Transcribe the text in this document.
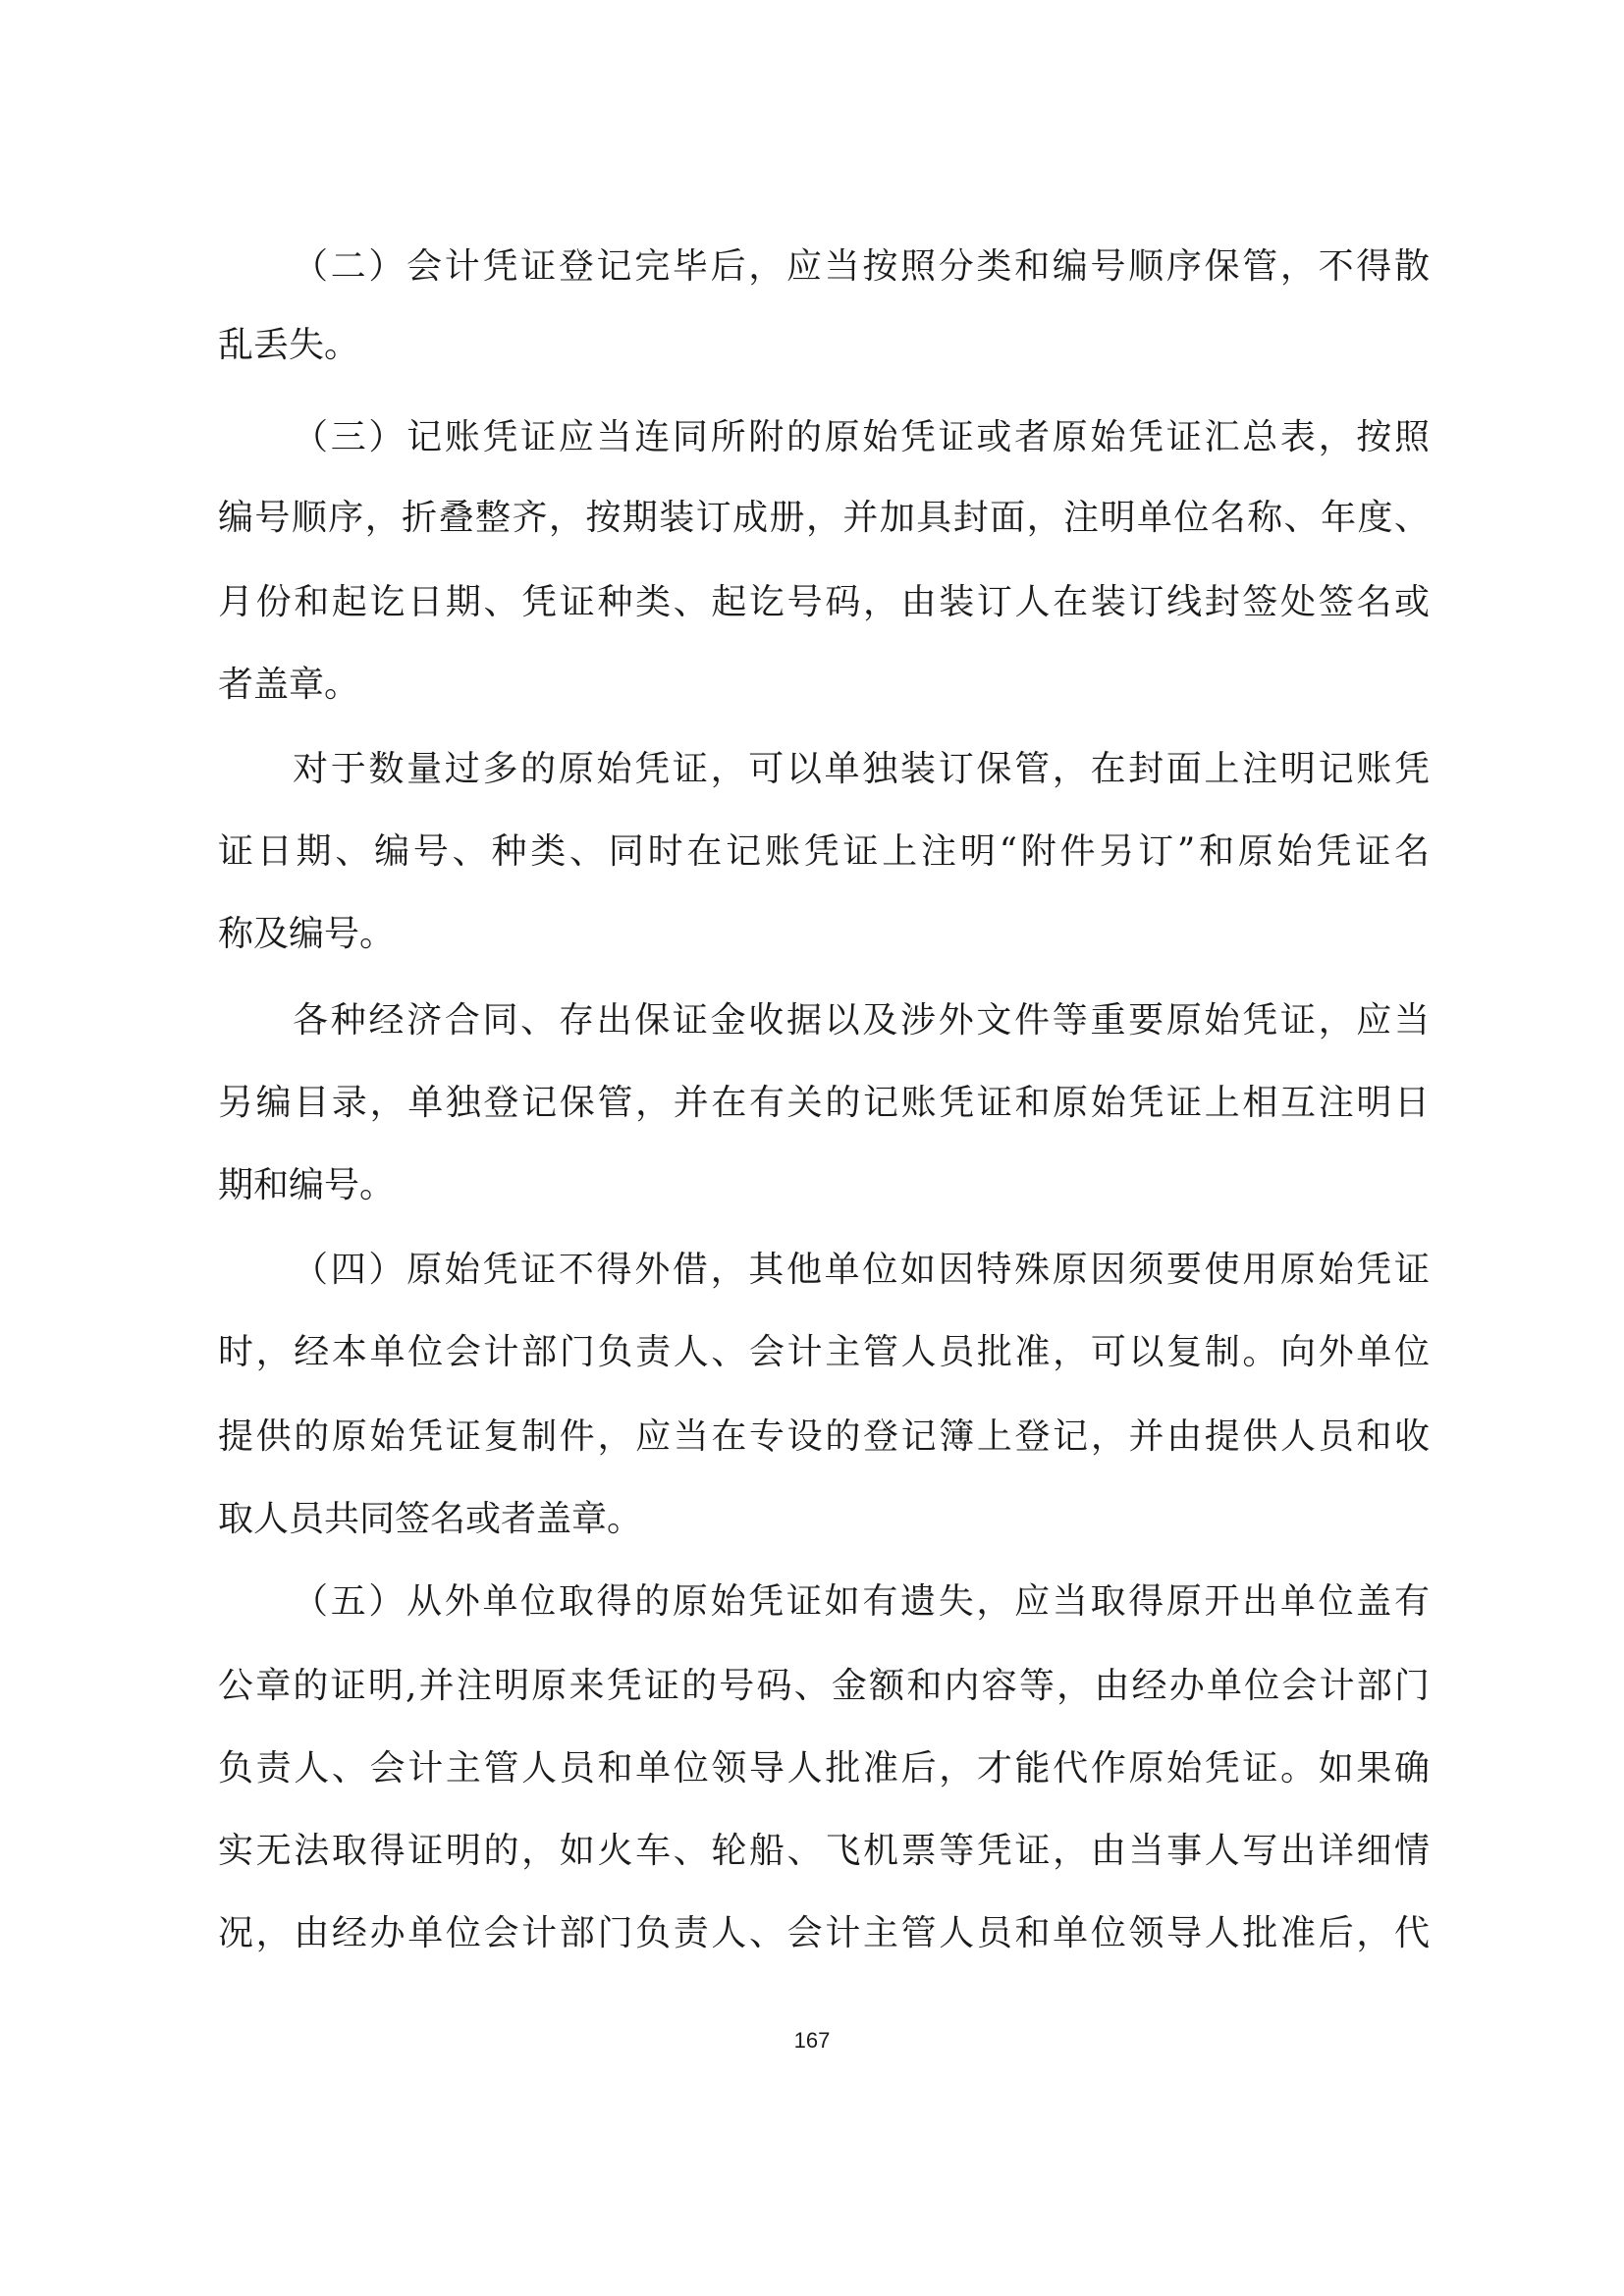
（二）会计凭证登记完毕后，应当按照分类和编号顺序保管，不得散
乱丢失。
（三）记账凭证应当连同所附的原始凭证或者原始凭证汇总表，按照
编号顺序，折叠整齐，按期装订成册，并加具封面，注明单位名称、年度、
月份和起讫日期、凭证种类、起讫号码，由装订人在装订线封签处签名或
者盖章。
对于数量过多的原始凭证，可以单独装订保管，在封面上注明记账凭
证日期、编号、种类、同时在记账凭证上注明“附件另订”和原始凭证名
称及编号。
各种经济合同、存出保证金收据以及涉外文件等重要原始凭证，应当
另编目录，单独登记保管，并在有关的记账凭证和原始凭证上相互注明日
期和编号。
（四）原始凭证不得外借，其他单位如因特殊原因须要使用原始凭证
时，经本单位会计部门负责人、会计主管人员批准，可以复制。向外单位
提供的原始凭证复制件，应当在专设的登记簿上登记，并由提供人员和收
取人员共同签名或者盖章。
（五）从外单位取得的原始凭证如有遗失，应当取得原开出单位盖有
公章的证明,并注明原来凭证的号码、金额和内容等，由经办单位会计部门
负责人、会计主管人员和单位领导人批准后，才能代作原始凭证。如果确
实无法取得证明的，如火车、轮船、飞机票等凭证，由当事人写出详细情
况，由经办单位会计部门负责人、会计主管人员和单位领导人批准后，代
167
